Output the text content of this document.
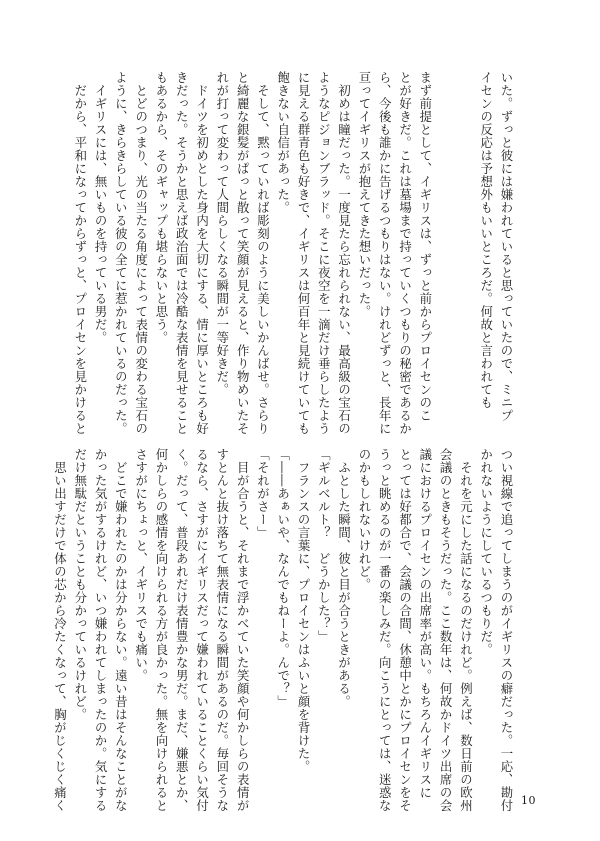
いた。ずっと彼には嫌われていると思っていたので、ミニプ

イセンの反応は予想外もいいところだ。何故と言われても

まず前提として、イギリスは、ずっと前からプロイセンのこ

とが好きだ。これは墓場まで持っていくつもりの秘密であるか

ら、今後も誰かに告げるつもりはない。けれどずっと、長年に

亘ってイギリスが抱えてきた想いだった。

　初めは瞳だった。一度見たら忘れられない、最高級の宝石の

ようなピジョンブラッド。そこに夜空を一滴だけ垂らしたよう

に見える群青色も好きで、イギリスは何百年と見続けていても

飽きない自信があった。

　そして、黙っていれば彫刻のように美しいかんばせ。さらり

と綺麗な銀髪がぱっと散って笑顔が見えると、作り物めいたそ

れが打って変わって人間らしくなる瞬間が一等好きだ。

　ドイツを初めとした身内を大切にする、情に厚いところも好

きだった。そうかと思えば政治面では冷酷な表情を見せること

もあるから、そのギャップも堪らないと思う。

　とどのつまり、光の当たる角度によって表情の変わる宝石の

ように、きらきらしている彼の全てに惹かれているのだった。

　イギリスには、無いものを持っている男だ。

　だから、平和になってからずっと、プロイセンを見かけると

つい視線で追ってしまうのがイギリスの癖だった。一応、勘付

かれないようにしているつもりだ。

　それを元にした話になるのだけれど。例えば、数日前の欧州

会議のときもそうだった。ここ数年は、何故かドイツ出席の会

議におけるプロイセンの出席率が高い。もちろんイギリスに

とっては好都合で、会議の合間、休憩中とかにプロイセンをそ

うっと眺めるのが一番の楽しみだ。向こうにとっては、迷惑な

のかもしれないけれど。

　ふとした瞬間、彼と目が合うときがある。

「ギルベルト？　どうかした？」

　フランスの言葉に、プロイセンはふいと顔を背けた。

「――あぁいや、なんでもねーよ。んで？」

「それがさー」

　目が合うと、それまで浮かべていた笑顔や何かしらの表情が

すとんと抜け落ちて無表情になる瞬間があるのだ。毎回そうな

るなら、さすがにイギリスだって嫌われていることくらい気付

く。だって、普段あれだけ表情豊かな男だ。まだ、嫌悪とか、

何かしらの感情を向けられる方が良かった。無を向けられると

さすがにちょっと、イギリスでも痛い。

　どこで嫌われたのかは分からない。遠い昔はそんなことがな

かった気がするけれど、いつ嫌われてしまったのか。気にする

だけ無駄だということも分かっているけれど。

　思い出すだけで体の芯から冷たくなって、胸がじくじく痛く	10
